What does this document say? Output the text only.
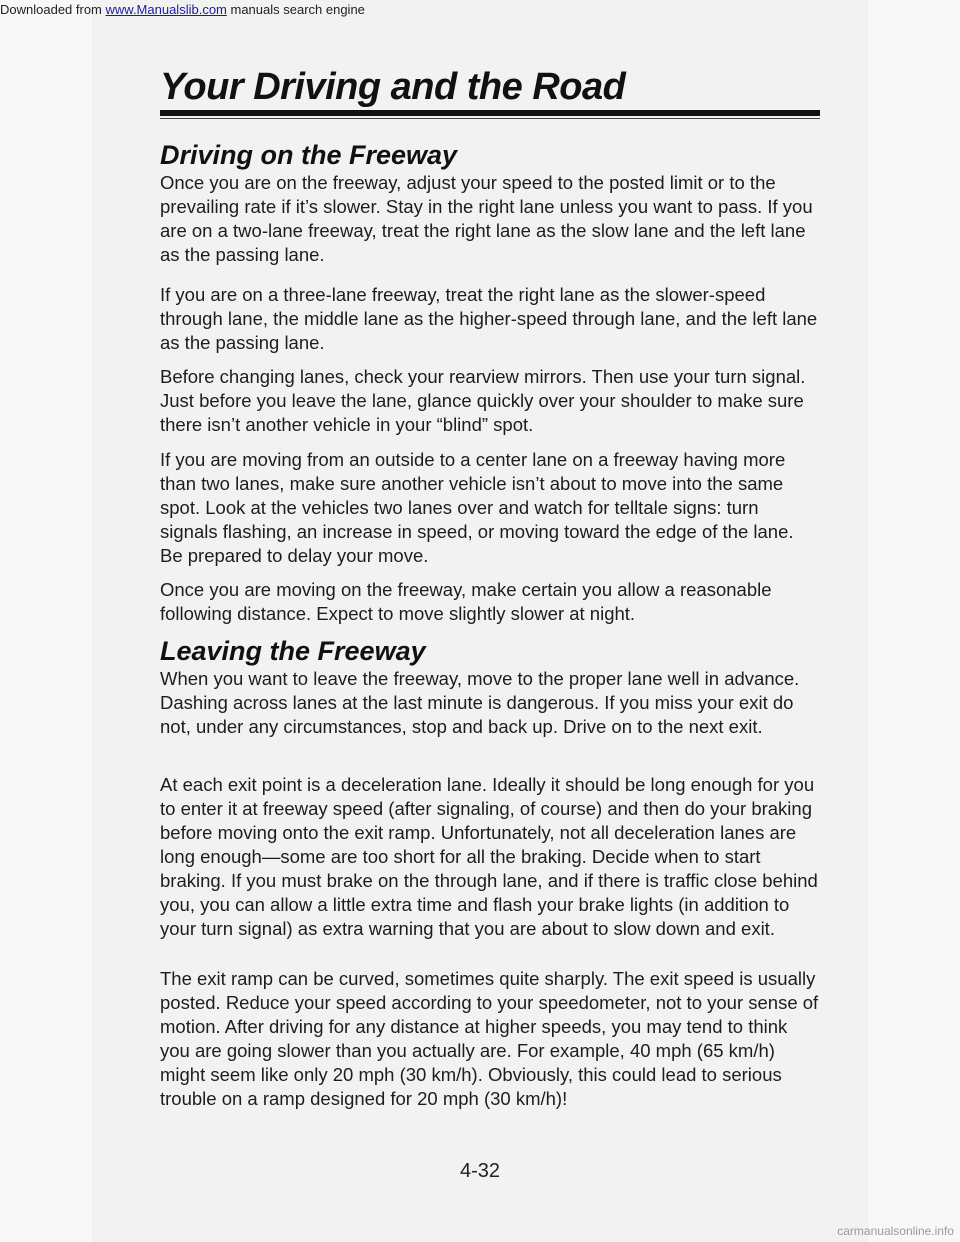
Downloaded from www.Manualslib.com manuals search engine
Your Driving and the Road
Driving on the Freeway
Once you are on the freeway, adjust your speed to the posted limit or to the prevailing rate if it’s slower. Stay in the right lane unless you want to pass. If you are on a two-lane freeway, treat the right lane as the slow lane and the left lane as the passing lane.
If you are on a three-lane freeway, treat the right lane as the slower-speed through lane, the middle lane as the higher-speed through lane, and the left lane as the passing lane.
Before changing lanes, check your rearview mirrors. Then use your turn signal. Just before you leave the lane, glance quickly over your shoulder to make sure there isn’t another vehicle in your “blind” spot.
If you are moving from an outside to a center lane on a freeway having more than two lanes, make sure another vehicle isn’t about to move into the same spot. Look at the vehicles two lanes over and watch for telltale signs: turn signals flashing, an increase in speed, or moving toward the edge of the lane. Be prepared to delay your move.
Once you are moving on the freeway, make certain you allow a reasonable following distance. Expect to move slightly slower at night.
Leaving the Freeway
When you want to leave the freeway, move to the proper lane well in advance. Dashing across lanes at the last minute is dangerous. If you miss your exit do not, under any circumstances, stop and back up. Drive on to the next exit.
At each exit point is a deceleration lane. Ideally it should be long enough for you to enter it at freeway speed (after signaling, of course) and then do your braking before moving onto the exit ramp. Unfortunately, not all deceleration lanes are long enough—some are too short for all the braking. Decide when to start braking. If you must brake on the through lane, and if there is traffic close behind you, you can allow a little extra time and flash your brake lights (in addition to your turn signal) as extra warning that you are about to slow down and exit.
The exit ramp can be curved, sometimes quite sharply. The exit speed is usually posted. Reduce your speed according to your speedometer, not to your sense of motion. After driving for any distance at higher speeds, you may tend to think you are going slower than you actually are. For example, 40 mph (65 km/h) might seem like only 20 mph (30 km/h). Obviously, this could lead to serious trouble on a ramp designed for 20 mph (30 km/h)!
4-32
carmanualsonline.info
